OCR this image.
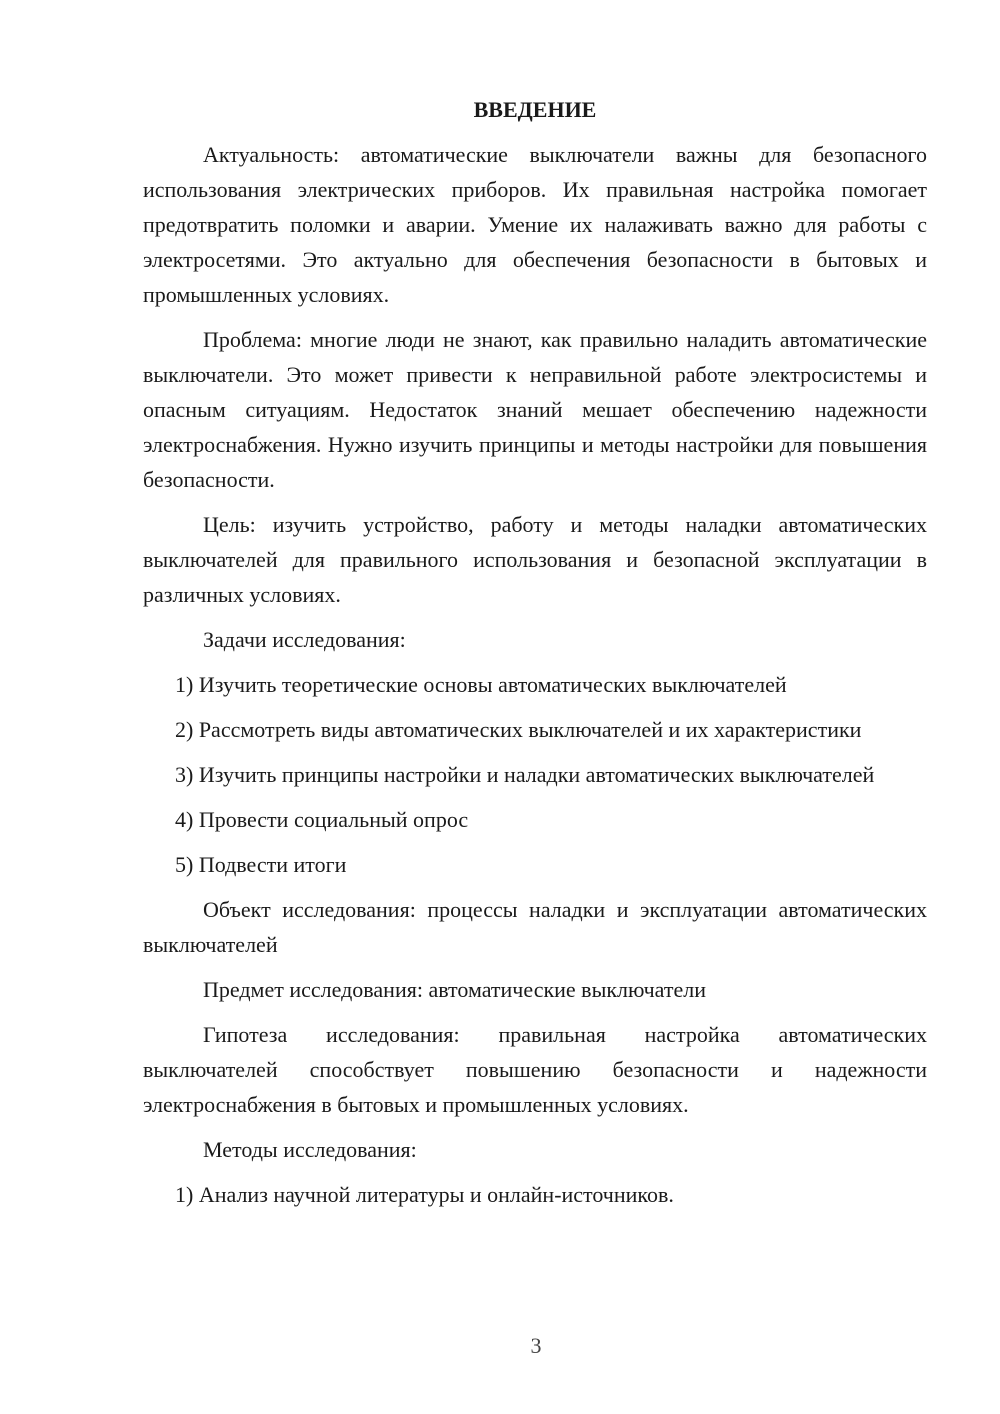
ВВЕДЕНИЕ

Актуальность: автоматические выключатели важны для безопасного использования электрических приборов. Их правильная настройка помогает предотвратить поломки и аварии. Умение их налаживать важно для работы с электросетями. Это актуально для обеспечения безопасности в бытовых и промышленных условиях.

Проблема: многие люди не знают, как правильно наладить автоматические выключатели. Это может привести к неправильной работе электросистемы и опасным ситуациям. Недостаток знаний мешает обеспечению надежности электроснабжения. Нужно изучить принципы и методы настройки для повышения безопасности.

Цель: изучить устройство, работу и методы наладки автоматических выключателей для правильного использования и безопасной эксплуатации в различных условиях.

Задачи исследования:

1) Изучить теоретические основы автоматических выключателей

2) Рассмотреть виды автоматических выключателей и их характеристики

3) Изучить принципы настройки и наладки автоматических выключателей

4) Провести социальный опрос

5) Подвести итоги

Объект исследования: процессы наладки и эксплуатации автоматических выключателей

Предмет исследования: автоматические выключатели

Гипотеза исследования: правильная настройка автоматических выключателей способствует повышению безопасности и надежности электроснабжения в бытовых и промышленных условиях.

Методы исследования:

1) Анализ научной литературы и онлайн-источников.

3
